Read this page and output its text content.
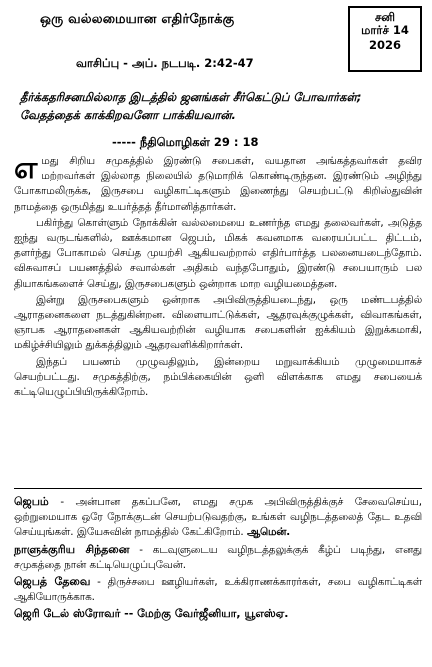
ஒரு வல்லமையான எதிர்நோக்கு
வாசிப்பு - அப். நடபடி. 2:42-47
சனி
மார்ச் 14
2026
தீர்க்கதரிசனமில்லாத இடத்தில் ஜனங்கள் சீர்கெட்டுப் போவார்கள்; வேதத்தைக் காக்கிறவனோ பாக்கியவான்.
----- நீதிமொழிகள் 29 : 18

எமது சிறிய சமுகத்தில் இரண்டு சபைகள், வயதான அங்கத்தவர்கள் தவிர மற்றவர்கள் இல்லாத நிலையில் தடுமாறிக் கொண்டிருந்தன. இரண்டும் அழிந்து போகாமலிருக்க, இருசபை வழிகாட்டிகளும் இணைந்து செயற்பட்டு கிறிஸ்துவின் நாமத்தை ஒருமித்து உயர்த்தத் தீர்மானித்தார்கள்.

பகிர்ந்து கொள்ளும் நோக்கின் வல்லமையை உணர்ந்த எமது தலைவர்கள், அடுத்த ஐந்து வருடங்களில், ஊக்கமான ஜெபம், மிகக் கவனமாக வரையப்பட்ட திட்டம், தளர்ந்து போகாமல் செய்த முயற்சி ஆகியவற்றால் எதிர்பார்த்த பலனையடைந்தோம். விசுவாசப் பயணத்தில் சவால்கள் அதிகம் வந்தபோதும், இரண்டு சபையாரும் பல தியாகங்களைச் செய்து, இருசபைகளும் ஒன்றாக மாற வழியமைத்தன.

இன்று இருசபைகளும் ஒன்றாக அபிவிருத்தியடைந்து, ஒரு மண்டபத்தில் ஆராதனைகளை நடத்துகின்றன. விளையாட்டுக்கள், ஆதரவுக்குழுக்கள், விவாகங்கள், ஞாபக ஆராதனைகள் ஆகியவற்றின் வழியாக சபைகளின் ஐக்கியம் இறுக்கமாகி, மகிழ்ச்சியிலும் துக்கத்திலும் ஆதரவளிக்கிறார்கள்.

இந்தப் பயணம் முழுவதிலும், இன்றைய மறுவாக்கியம் முழுமையாகச் செயற்பட்டது. சமுகத்திற்கு, நம்பிக்கையின் ஒளி விளக்காக எமது சபையைக் கட்டியெழுப்பியிருக்கிறோம்.

ஜெபம் - அன்பான தகப்பனே, எமது சமுக அபிவிருத்திக்குச் சேவைசெய்ய, ஒற்றுமையாக ஒரே நோக்குடன் செயற்படுவதற்கு, உங்கள் வழிநடத்தலைத் தேட உதவி செய்யுங்கள். இயேசுவின் நாமத்தில் கேட்கிறோம். ஆமென்.
நாளுக்குரிய சிந்தனை - கடவுளுடைய வழிநடத்தலுக்குக் கீழ்ப் படிந்து, எனது சமுகத்தை நான் கட்டியெழுப்புவேன்.
ஜெபத் தேவை - திருச்சபை ஊழியர்கள், உக்கிராணக்காரர்கள், சபை வழிகாட்டிகள் ஆகியோருக்காக.
ஜெரி டேல் ஸ்ரோவர் -- மேற்கு வேர்ஜீனியா, யூஎஸ்ஏ.
